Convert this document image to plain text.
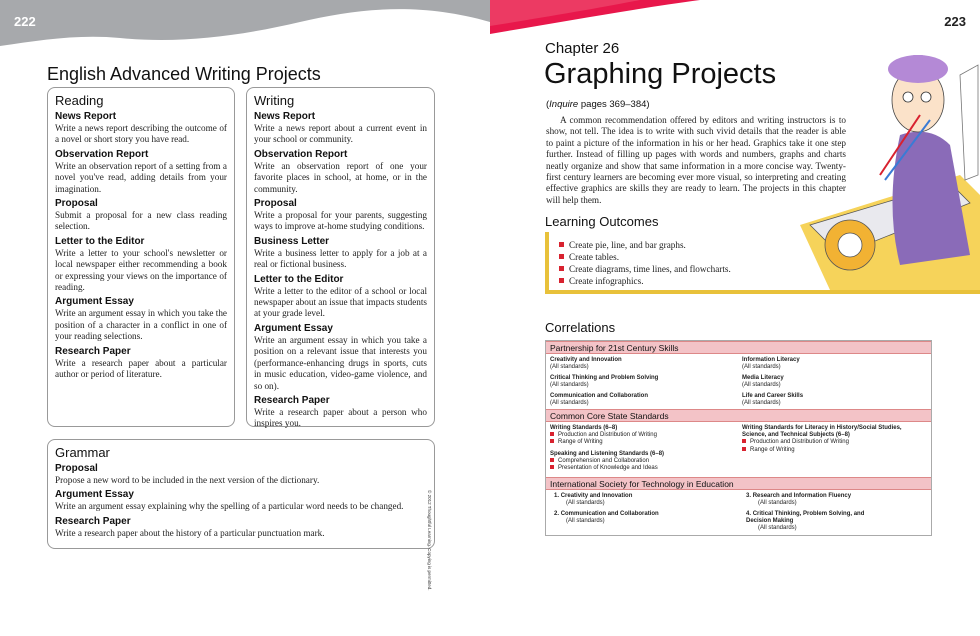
222	223
English Advanced Writing Projects
Reading
News Report
Write a news report describing the outcome of a novel or short story you have read.
Observation Report
Write an observation report of a setting from a novel you've read, adding details from your imagination.
Proposal
Submit a proposal for a new class reading selection.
Letter to the Editor
Write a letter to your school's newsletter or local newspaper either recommending a book or expressing your views on the importance of reading.
Argument Essay
Write an argument essay in which you take the position of a character in a conflict in one of your reading selections.
Research Paper
Write a research paper about a particular author or period of literature.
Writing
News Report
Write a news report about a current event in your school or community.
Observation Report
Write an observation report of one your favorite places in school, at home, or in the community.
Proposal
Write a proposal for your parents, suggesting ways to improve at-home studying conditions.
Business Letter
Write a business letter to apply for a job at a real or fictional business.
Letter to the Editor
Write a letter to the editor of a school or local newspaper about an issue that impacts students at your grade level.
Argument Essay
Write an argument essay in which you take a position on a relevant issue that interests you (performance-enhancing drugs in sports, cuts in music education, video-game violence, and so on).
Research Paper
Write a research paper about a person who inspires you.
Grammar
Proposal
Propose a new word to be included in the next version of the dictionary.
Argument Essay
Write an argument essay explaining why the spelling of a particular word needs to be changed.
Research Paper
Write a research paper about the history of a particular punctuation mark.	© 2012 Thoughtful Learning. Copying is permitted.
Chapter 26
Graphing Projects
(Inquire pages 369–384)

A common recommendation offered by editors and writing instructors is to show, not tell. The idea is to write with such vivid details that the reader is able to paint a picture of the information in his or her head. Graphics take it one step further. Instead of filling up pages with words and numbers, graphs and charts neatly organize and show that same information in a more concise way. Twenty-first century learners are becoming ever more visual, so interpreting and creating effective graphics are skills they are ready to learn. The projects in this chapter will help them.

Learning Outcomes
Create pie, line, and bar graphs.
Create tables.
Create diagrams, time lines, and flowcharts.
Create infographics.
Correlations
Partnership for 21st Century Skills
Common Core State Standards
International Society for Technology in Education
Creativity and Innovation
(All standards)
Critical Thinking and Problem Solving
(All standards)
Communication and Collaboration
(All standards)
Information Literacy
(All standards)
Media Literacy
(All standards)
Life and Career Skills
(All standards)
Writing Standards (6–8)
Production and Distribution of Writing
Range of Writing
Speaking and Listening Standards (6–8)
Comprehension and Collaboration
Presentation of Knowledge and Ideas
Writing Standards for Literacy in History/Social Studies, Science, and Technical Subjects (6–8)
Production and Distribution of Writing
Range of Writing
1. Creativity and Innovation
(All standards)
2. Communication and Collaboration
(All standards)
3. Research and Information Fluency
(All standards)
4. Critical Thinking, Problem Solving, and Decision Making
(All standards)
